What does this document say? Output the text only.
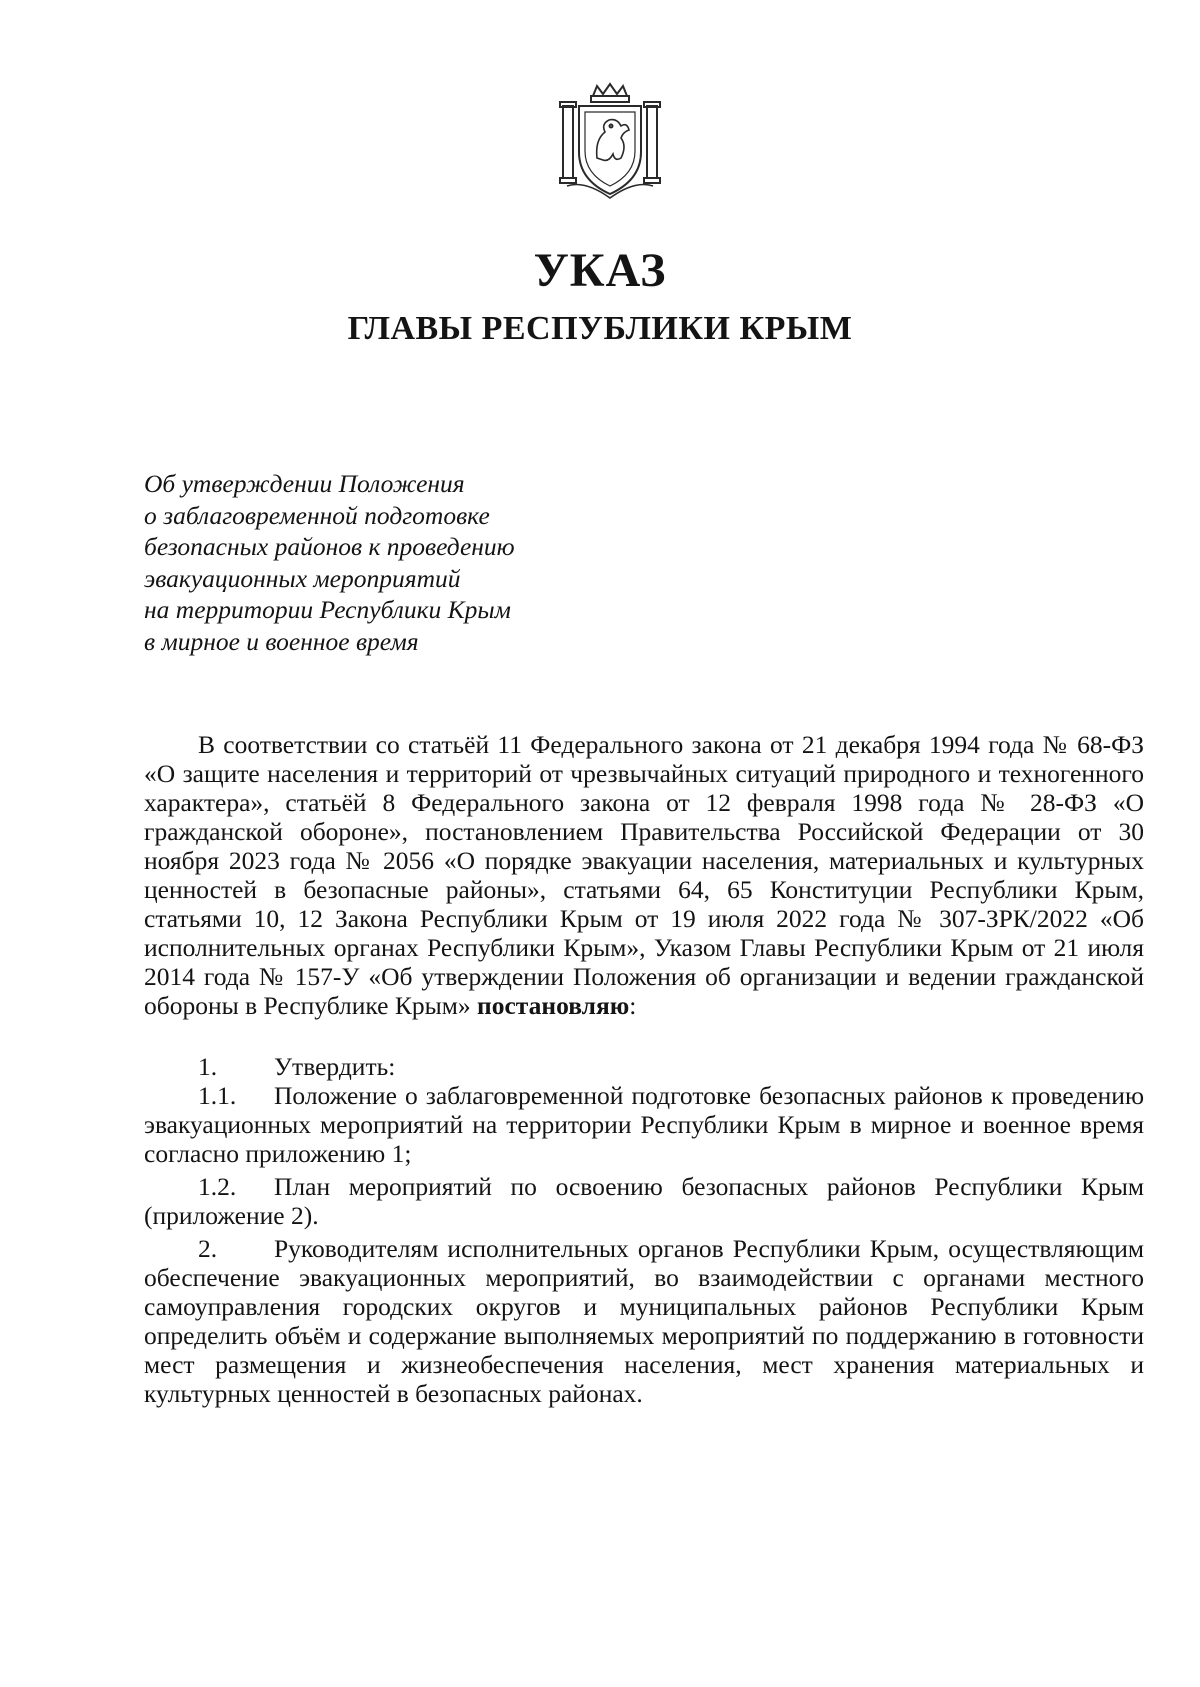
УКАЗ
ГЛАВЫ РЕСПУБЛИКИ КРЫМ
Об утверждении Положения
о заблаговременной подготовке
безопасных районов к проведению
эвакуационных мероприятий
на территории Республики Крым
в мирное и военное время

В соответствии со статьёй 11 Федерального закона от 21 декабря 1994 года № 68-ФЗ «О защите населения и территорий от чрезвычайных ситуаций природного и техногенного характера», статьёй 8 Федерального закона от 12 февраля 1998 года № 28-ФЗ «О гражданской обороне», постановлением Правительства Российской Федерации от 30 ноября 2023 года № 2056 «О порядке эвакуации населения, материальных и культурных ценностей в безопасные районы», статьями 64, 65 Конституции Республики Крым, статьями 10, 12 Закона Республики Крым от 19 июля 2022 года № 307-ЗРК/2022 «Об исполнительных органах Республики Крым», Указом Главы Республики Крым от 21 июля 2014 года № 157-У «Об утверждении Положения об организации и ведении гражданской обороны в Республике Крым» постановляю:

1. Утвердить:

1.1. Положение о заблаговременной подготовке безопасных районов к проведению эвакуационных мероприятий на территории Республики Крым в мирное и военное время согласно приложению 1;

1.2. План мероприятий по освоению безопасных районов Республики Крым (приложение 2).

2. Руководителям исполнительных органов Республики Крым, осуществляющим обеспечение эвакуационных мероприятий, во взаимодействии с органами местного самоуправления городских округов и муниципальных районов Республики Крым определить объём и содержание выполняемых мероприятий по поддержанию в готовности мест размещения и жизнеобеспечения населения, мест хранения материальных и культурных ценностей в безопасных районах.
